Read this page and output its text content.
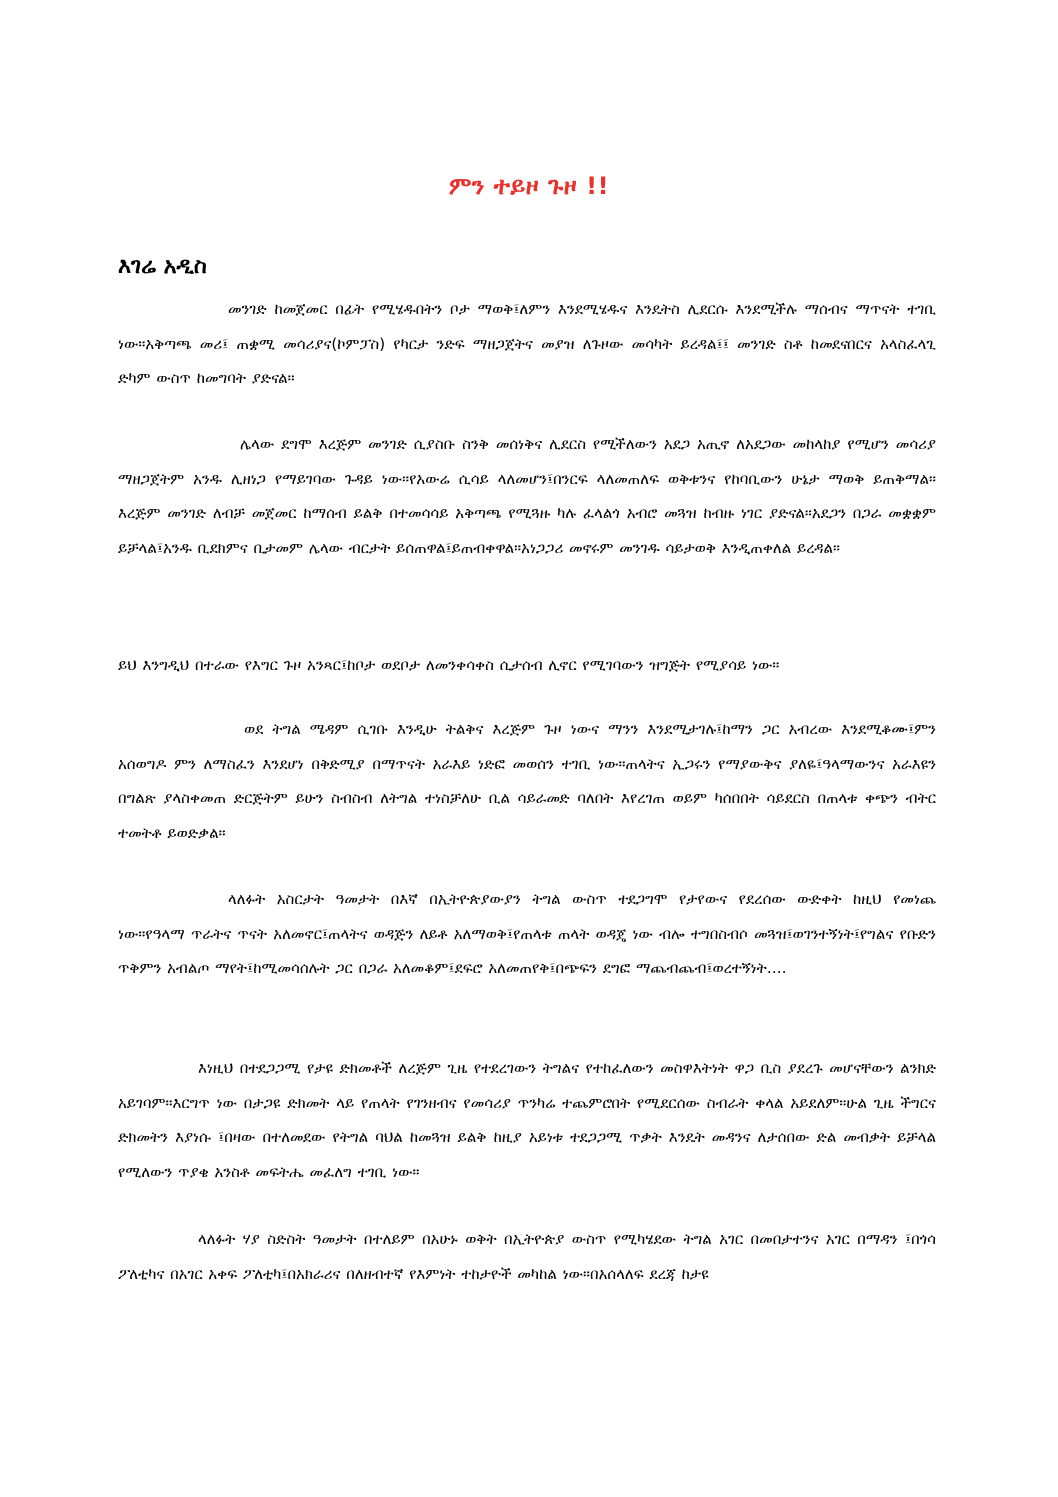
ምን ተይዞ ጉዞ !!
እገሬ አዲስ

መንገድ ከመጀመር በፊት የሚሄዱበትን ቦታ ማወቅ፤ለምን እንደሚሄዱና እንዴትስ ሊደርሱ እንደሚችሉ ማሰብና ማጥናት ተገቢ ነው።አቅጣጫ መሪ፤ ጠቋሚ መሳሪያና(ኮምፓስ) የካርታ ንድፍ ማዘጋጀትና መያዝ ለጉዞው መሳካት ይረዳል፤፤ መንገድ ስቶ ከመደናበርና አላስፈላጊ ድካም ውስጥ ከመግባት ያድናል።

ሌላው ደግሞ እረጅም መንገድ ሲያስቡ ስንቅ መሰነቅና ሊደርስ የሚችለውን አደጋ አጢኖ ለአደጋው መከላከያ የሚሆን መሳሪያ ማዘጋጀትም አንዱ ሊዘነጋ የማይገባው ጉዳይ ነው።የአውሬ ሲሳይ ላለመሆን፤በንርፍ ላለመጠለፍ ወቅቱንና የከባቢውን ሁኔታ ማወቅ ይጠቅማል። እረጅም መንገድ ለብቻ መጀመር ከማሰብ ይልቅ በተመሳሳይ አቅጣጫ የሚጓዙ ካሉ ፈላልጎ አብሮ መጓዝ ከብዙ ነገር ያድናል።አደጋን በጋራ መቋቋም ይቻላል፤አንዱ ቢደክምና ቢታመም ሌላው ብርታት ይሰጠዋል፤ይጠብቀዋል።አነጋጋሪ መኖሩም መንገዱ ሳይታወቅ እንዲጠቀለል ይረዳል።

ይህ እንግዲህ በተራው የእግር ጉዞ አንጻር፤ከቦታ ወደቦታ ለመንቀሳቀስ ሲታሰብ ሊኖር የሚገባውን ዝግጅት የሚያሳይ ነው።

ወደ ትግል ሜዳም ሲገቡ እንዲሁ ትልቅና እረጅም ጉዞ ነውና ማንን እንደሚታገሉ፤ከማን ጋር አብረው እንደሚቆሙ፤ምን አሰወግዶ ምን ለማስፈን እንደሆነ በቅድሚያ በማጥናት አራእይ ነድፎ መወሰን ተገቢ ነው።ጠላትና ኢጋሩን የማያውቅና ያለዬ፤ዓላማውንና አራእዩን በግልጽ ያላስቀመጠ ድርጅትም ይሁን ስብስብ ለትግል ተነስቻለሁ ቢል ሳይራመድ ባለበት እየረገጠ ወይም ካሰበበት ሳይደርስ በጠላቱ ቀጭን ብትር ተመትቶ ይወድቃል።

ላለፉት አስርታት ዓመታት በእኛ በኢትዮጵያውያን ትግል ውስጥ ተደጋግሞ የታየውና የደረሰው ውድቀት ከዚህ የመነጨ ነው።የዓላማ ጥራትና ጥናት አለመኖር፤ጠላትና ወዳጅን ለይቶ አለማወቅ፤የጠላቱ ጠላት ወዳጄ ነው ብሎ ተግበስብሶ መጓዝ፤ወገንተኝነት፤የግልና የቡድን ጥቅምን አብልጦ ማየት፤ከሚመሳሰሉት ጋር በጋራ አለመቆም፤ደፍሮ አለመጠየቅ፤በጭፍን ደግፎ ማጨብጨብ፤ወረተኝነት….

እነዚህ በተደጋጋሚ የታዩ ድክመቶች ለረጅም ጊዜ የተደረገውን ትግልና የተከፈለውን መስዋእትነት ዋጋ ቢስ ያደረጉ መሆናቸውን ልንክድ አይገባም።እርግጥ ነው በታጋዩ ድክመት ላይ የጠላት የገንዘብና የመሳሪያ ጥንካሬ ተጨምሮበት የሚደርሰው ስብራት ቀላል አይደለም።ሁል ጊዜ ችግርና ድክመትን እያነሱ ፤በዛው በተለመደው የትግል ባህል ከመጓዝ ይልቅ ከዚያ አይነቱ ተደጋጋሚ ጥቃት እንዴት መዳንና ለታሰበው ድል መብቃት ይቻላል የሚለውን ጥያቄ አንስቶ መፍትሔ መፈለግ ተገቢ ነው።

ላለፉት ሃያ ስድስት ዓመታት በተለይም በአሁኑ ወቅት በኢትዮጵያ ውስጥ የሚካሄደው ትግል አገር በመበታተንና አገር በማዳን ፤በጎሳ ፖለቲካና በአገር አቀፍ ፖለቲካ፤በአክራሪና በለዘብተኛ የእምነት ተከታዮች መካከል ነው።በአሰላለፍ ደረጃ ከታዩ
